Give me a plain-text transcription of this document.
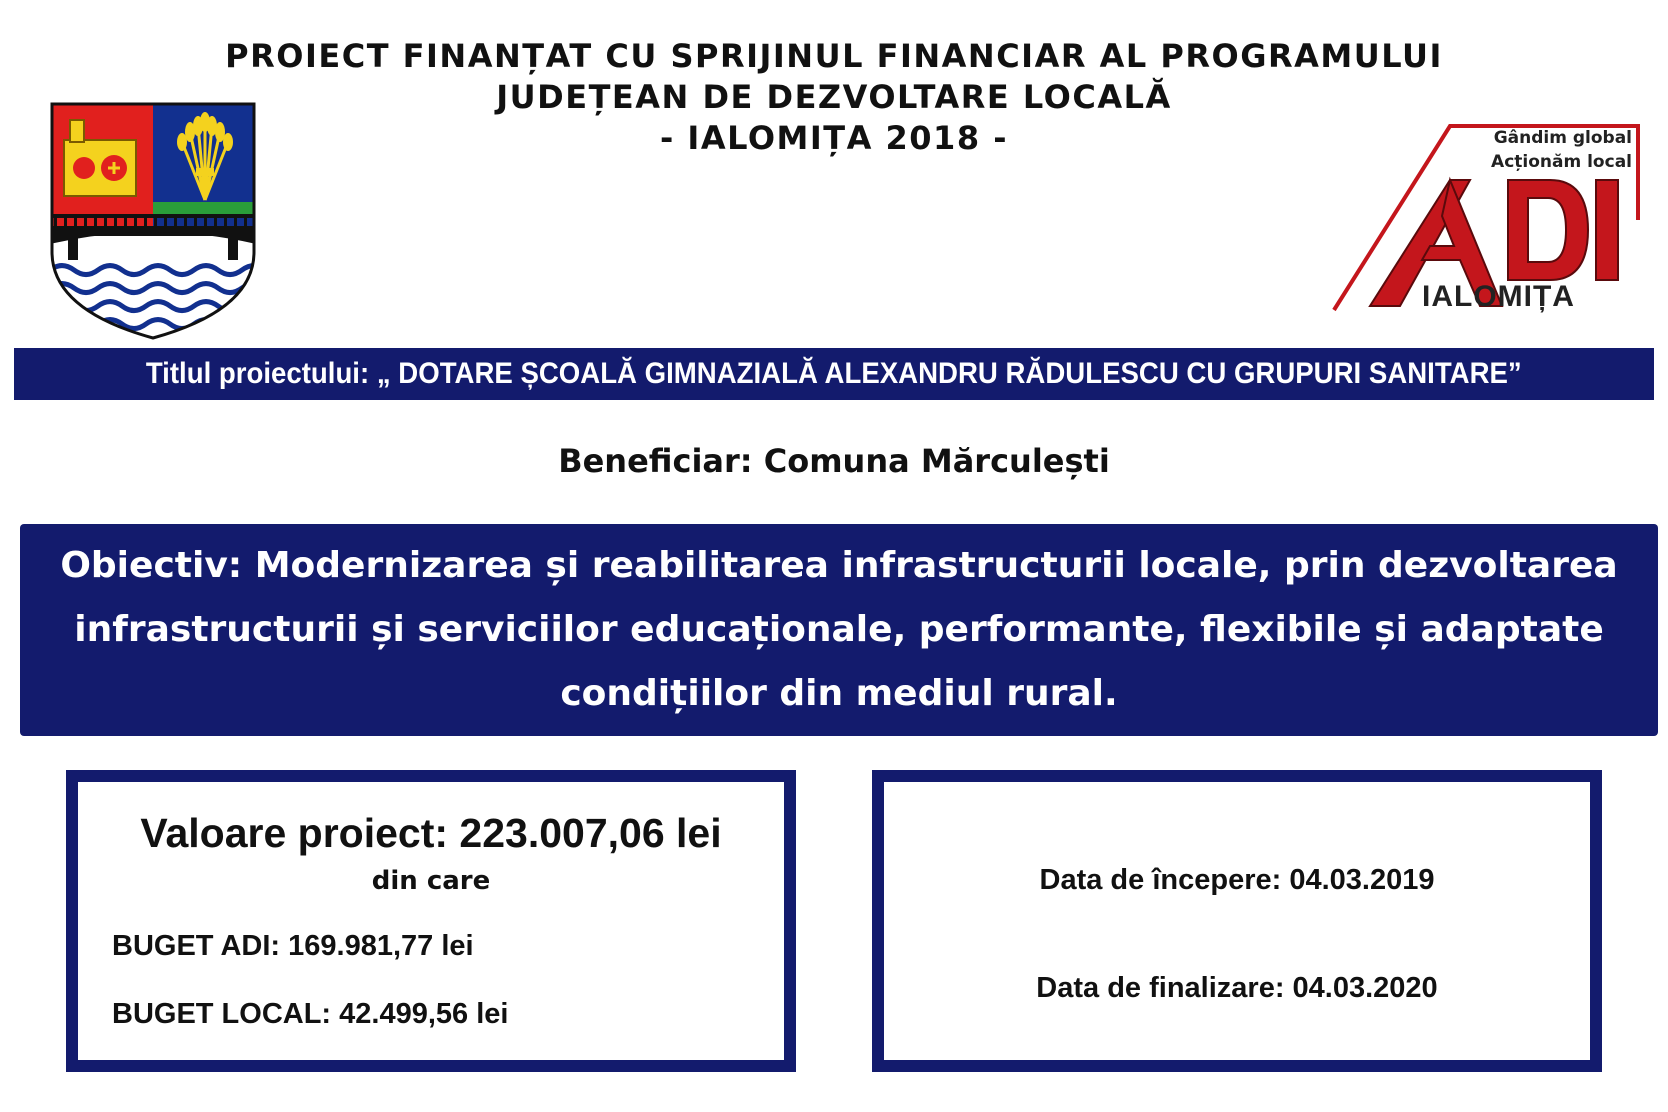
PROIECT FINANȚAT CU SPRIJINUL FINANCIAR AL PROGRAMULUI
JUDEȚEAN DE DEZVOLTARE LOCALĂ
- IALOMIȚA 2018 -	Gândim global
Acționăm local
IALOMIȚA
Titlul proiectului: „ DOTARE ȘCOALĂ GIMNAZIALĂ ALEXANDRU RĂDULESCU CU GRUPURI SANITARE”
Beneficiar: Comuna Mărculești
Obiectiv: Modernizarea și reabilitarea infrastructurii locale, prin dezvoltarea
infrastructurii și serviciilor educaționale, performante, flexibile și adaptate
condițiilor din mediul rural.
Valoare proiect: 223.007,06 lei
din care
BUGET ADI: 169.981,77 lei
BUGET LOCAL: 42.499,56 lei
Data de începere: 04.03.2019
Data de finalizare: 04.03.2020
